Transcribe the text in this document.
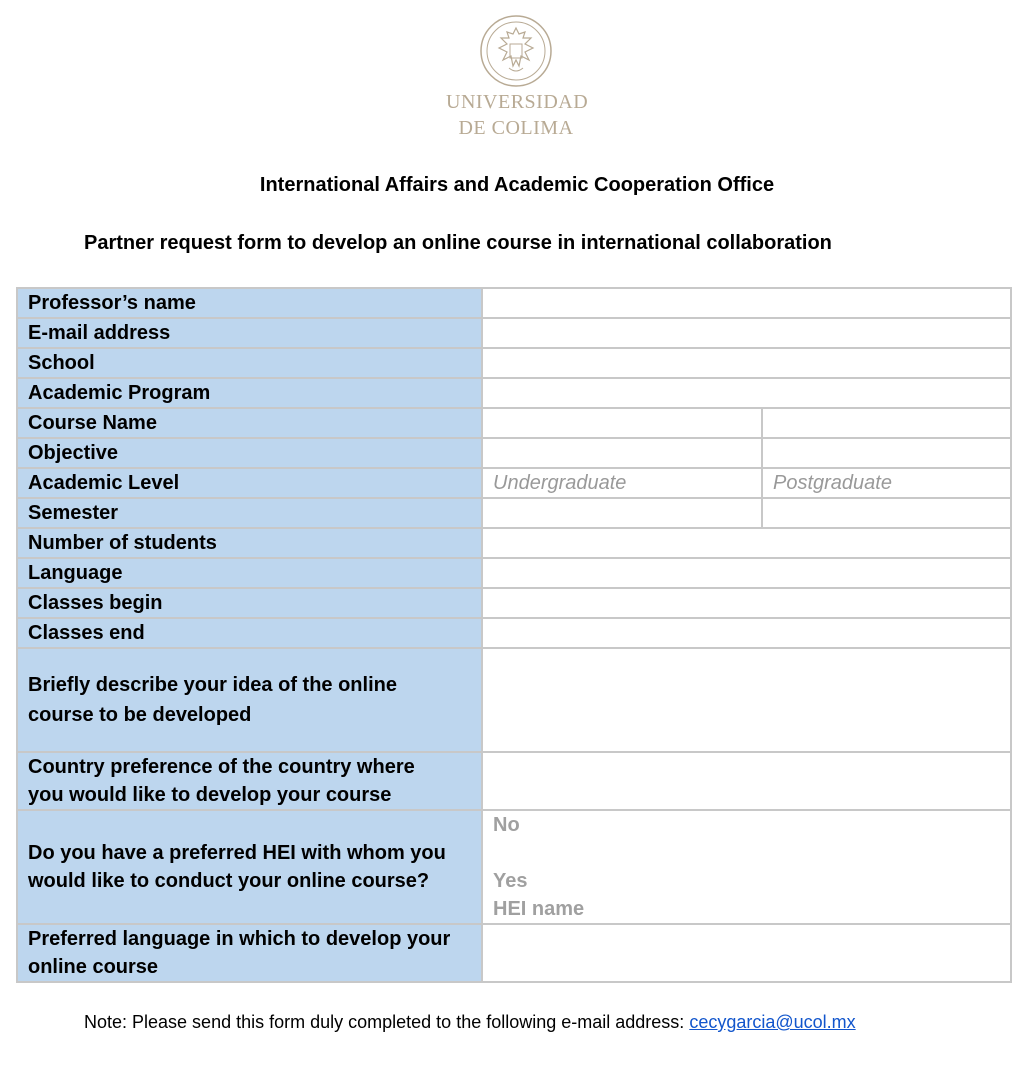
UNIVERSIDAD
DE COLIMA
International Affairs and Academic Cooperation Office
Partner request form to develop an online course in international collaboration
Professor’s name		
E-mail address		
School		
Academic Program		
Course Name		
Objective		
Academic Level	Undergraduate	Postgraduate
Semester		
Number of students		
Language		
Classes begin		
Classes end		

Briefly describe your idea of the online
course to be developed		

Country preference of the country where
you would like to develop your course		

Do you have a preferred HEI with whom you
would like to conduct your online course?	No

Yes
HEI name	

Preferred language in which to develop your
online course		

Note: Please send this form duly completed to the following e-mail address: cecygarcia@ucol.mx
